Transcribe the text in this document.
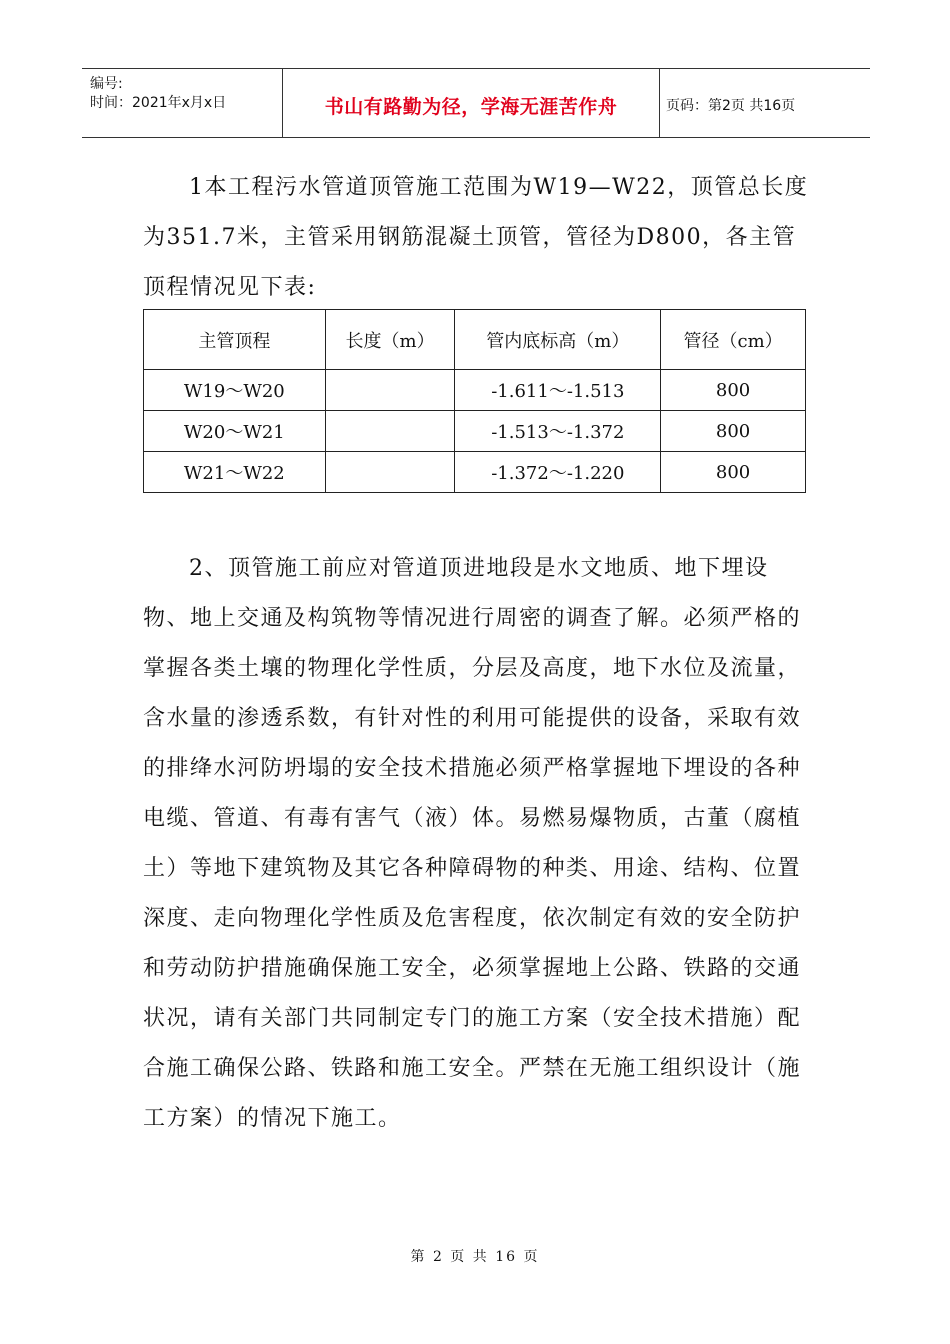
编号:
时间：2021年x月x日	书山有路勤为径，学海无涯苦作舟	页码：第2页 共16页
1本工程污水管道顶管施工范围为W19—W22，顶管总长度为351.7米，主管采用钢筋混凝土顶管，管径为D800，各主管顶程情况见下表:
主管顶程	长度（m）	管内底标高（m）	管径（cm）
W19～W20		-1.611～-1.513	800
W20～W21		-1.513～-1.372	800
W21～W22		-1.372～-1.220	800
2、顶管施工前应对管道顶进地段是水文地质、地下埋设物、地上交通及构筑物等情况进行周密的调查了解。必须严格的掌握各类土壤的物理化学性质，分层及高度，地下水位及流量，含水量的渗透系数，有针对性的利用可能提供的设备，采取有效的排绛水河防坍塌的安全技术措施必须严格掌握地下埋设的各种电缆、管道、有毒有害气（液）体。易燃易爆物质，古董（腐植土）等地下建筑物及其它各种障碍物的种类、用途、结构、位置深度、走向物理化学性质及危害程度，依次制定有效的安全防护和劳动防护措施确保施工安全，必须掌握地上公路、铁路的交通状况，请有关部门共同制定专门的施工方案（安全技术措施）配合施工确保公路、铁路和施工安全。严禁在无施工组织设计（施工方案）的情况下施工。
第 2 页 共 16 页
